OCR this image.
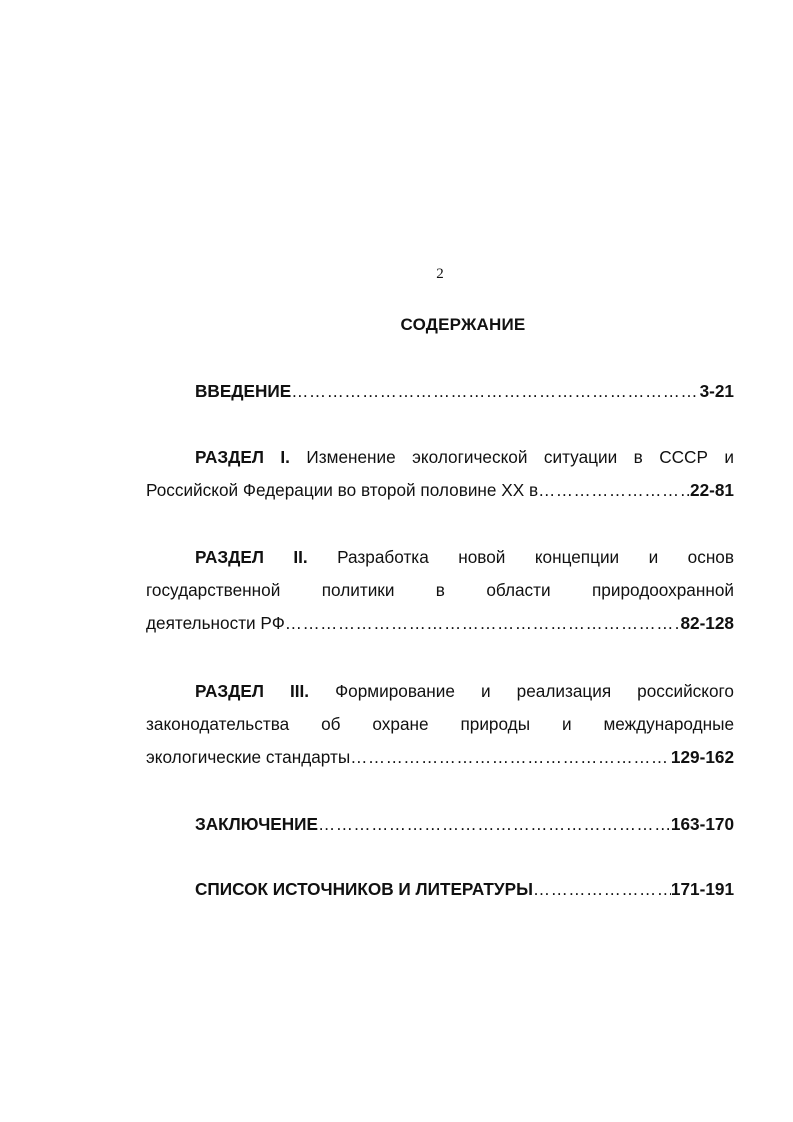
2
СОДЕРЖАНИЕ
ВВЕДЕНИЕ …………………………………………………………………………………………………………	3-21
РАЗДЕЛ I. Изменение экологической ситуации в СССР и
Российской Федерации во второй половине XX в …………………………………………………………………………………………………………	22-81
РАЗДЕЛ II. Разработка новой концепции и основ
государственной политики в области природоохранной
деятельности РФ …………………………………………………………………………………………………………	82-128
РАЗДЕЛ III. Формирование и реализация российского
законодательства об охране природы и международные
экологические стандарты …………………………………………………………………………………………………………	129-162
ЗАКЛЮЧЕНИЕ …………………………………………………………………………………………………………	163-170
СПИСОК ИСТОЧНИКОВ И ЛИТЕРАТУРЫ …………………………………………………………………………………………………………	171-191
